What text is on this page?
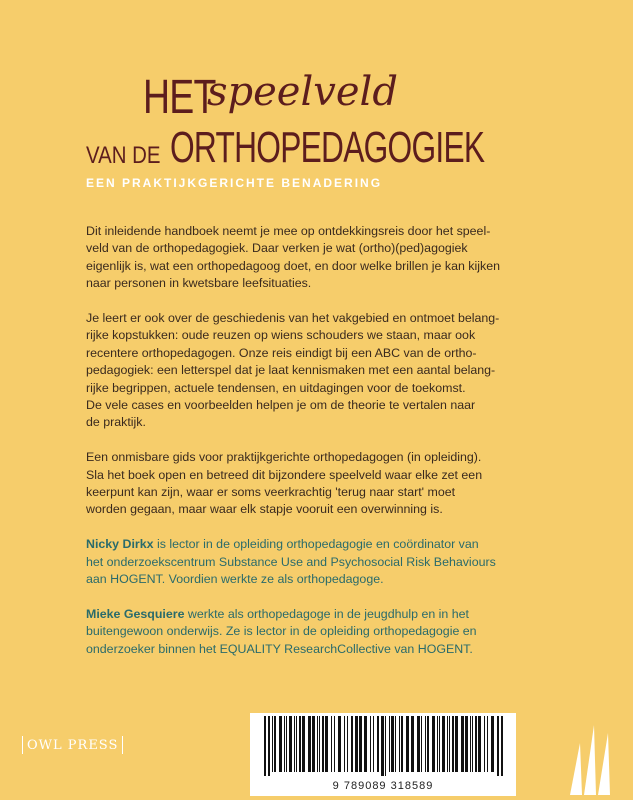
HET
speelveld
VAN DE ORTHOPEDAGOGIEK
EEN PRAKTIJKGERICHTE BENADERING

Dit inleidende handboek neemt je mee op ontdekkingsreis door het speel-
veld van de orthopedagogiek. Daar verken je wat (ortho)(ped)agogiek
eigenlijk is, wat een orthopedagoog doet, en door welke brillen je kan kijken
naar personen in kwetsbare leefsituaties.

Je leert er ook over de geschiedenis van het vakgebied en ontmoet belang-
rijke kopstukken: oude reuzen op wiens schouders we staan, maar ook
recentere orthopedagogen. Onze reis eindigt bij een ABC van de ortho-
pedagogiek: een letterspel dat je laat kennismaken met een aantal belang-
rijke begrippen, actuele tendensen, en uitdagingen voor de toekomst.
De vele cases en voorbeelden helpen je om de theorie te vertalen naar
de praktijk.

Een onmisbare gids voor praktijkgerichte orthopedagogen (in opleiding).
Sla het boek open en betreed dit bijzondere speelveld waar elke zet een
keerpunt kan zijn, waar er soms veerkrachtig 'terug naar start' moet
worden gegaan, maar waar elk stapje vooruit een overwinning is.

Nicky Dirkx is lector in de opleiding orthopedagogie en coördinator van
het onderzoekscentrum Substance Use and Psychosocial Risk Behaviours
aan HOGENT. Voordien werkte ze als orthopedagoge.

Mieke Gesquiere werkte als orthopedagoge in de jeugdhulp en in het
buitengewoon onderwijs. Ze is lector in de opleiding orthopedagogie en
onderzoeker binnen het EQUALITY ResearchCollective van HOGENT.

OWL PRESS
9 789089 318589
